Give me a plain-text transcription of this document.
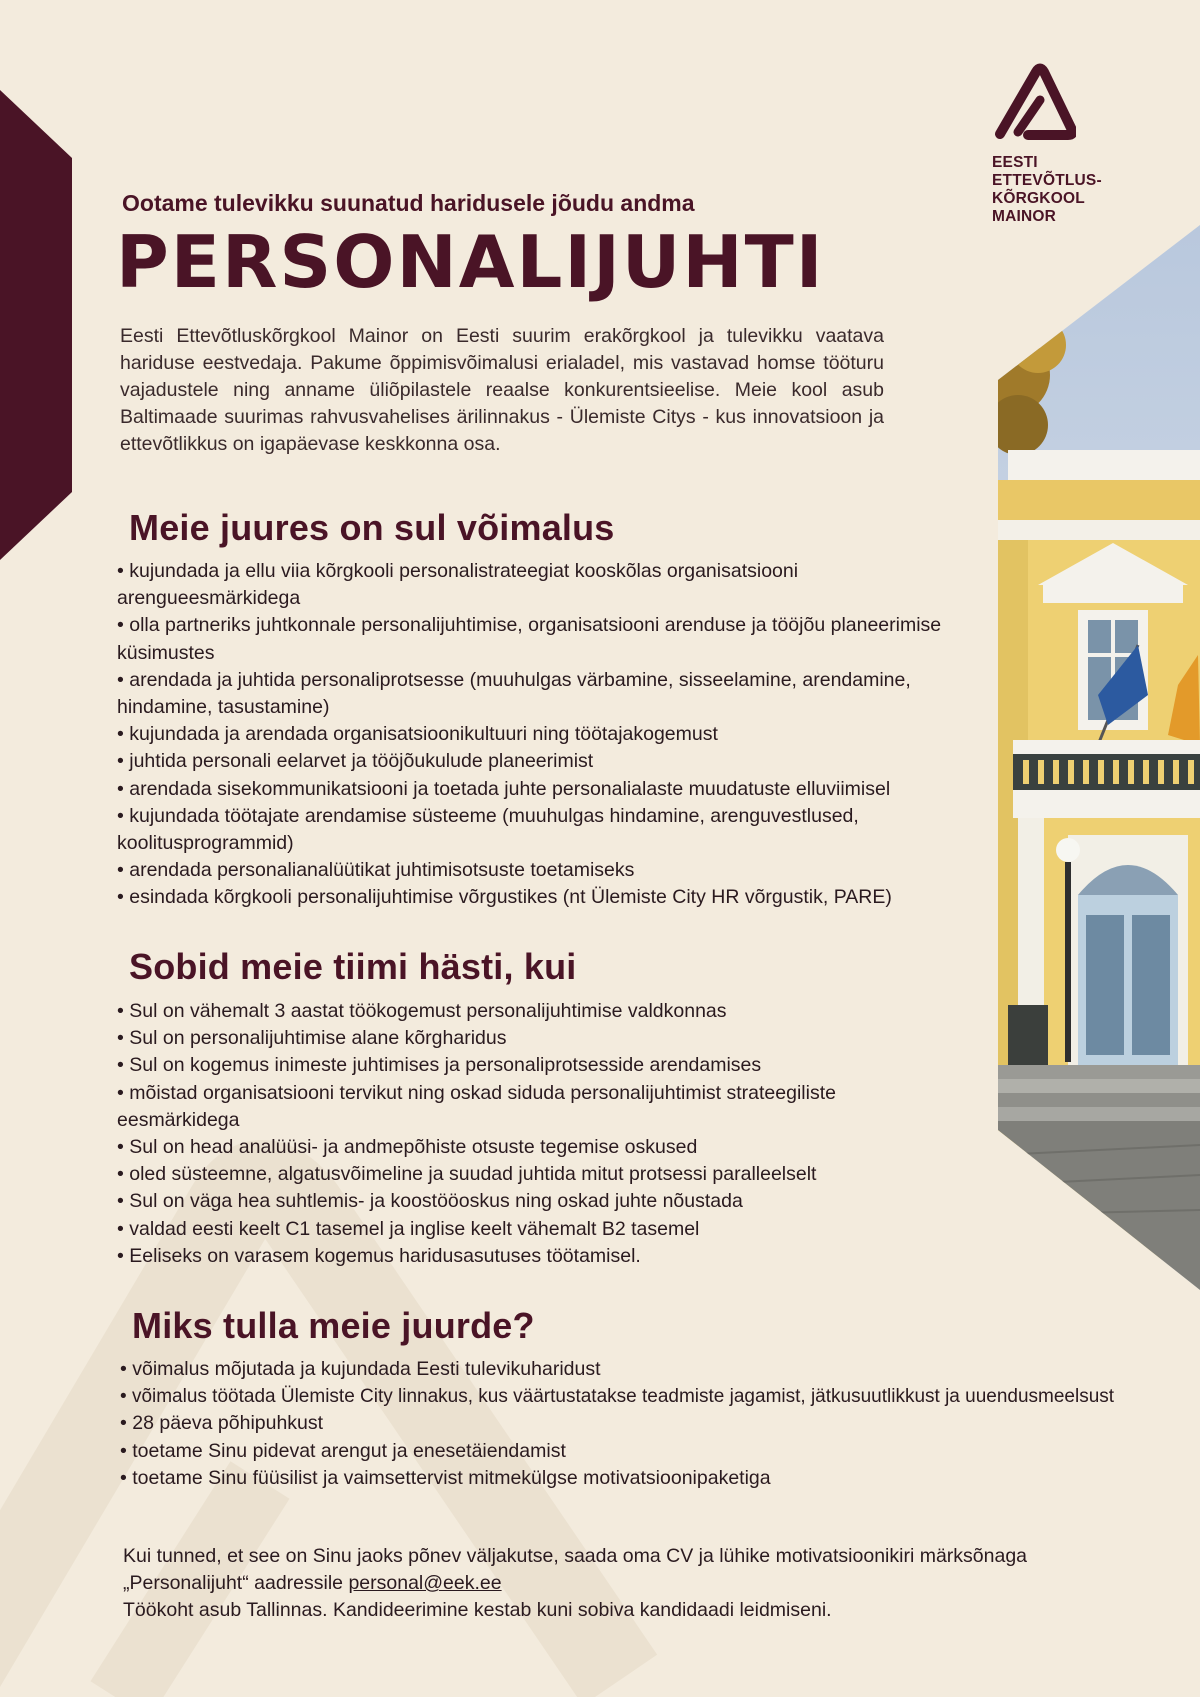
EESTI
ETTEVÕTLUS-
KÕRGKOOL
MAINOR
Ootame tulevikku suunatud haridusele jõudu andma
PERSONALIJUHTI
Eesti Ettevõtluskõrgkool Mainor on Eesti suurim erakõrgkool ja tulevikku vaatava hariduse eestvedaja. Pakume õppimisvõimalusi erialadel, mis vastavad homse tööturu vajadustele ning anname üliõpilastele reaalse konkurentsieelise. Meie kool asub Baltimaade suurimas rahvusvahelises ärilinnakus - Ülemiste Citys - kus innovatsioon ja ettevõtlikkus on igapäevase keskkonna osa.
Meie juures on sul võimalus
• kujundada ja ellu viia kõrgkooli personalistrateegiat kooskõlas organisatsiooni arengueesmärkidega
• olla partneriks juhtkonnale personalijuhtimise, organisatsiooni arenduse ja tööjõu planeerimise küsimustes
• arendada ja juhtida personaliprotsesse (muuhulgas värbamine, sisseelamine, arendamine, hindamine, tasustamine)
• kujundada ja arendada organisatsioonikultuuri ning töötajakogemust
• juhtida personali eelarvet ja tööjõukulude planeerimist
• arendada sisekommunikatsiooni ja toetada juhte personalialaste muudatuste elluviimisel
• kujundada töötajate arendamise süsteeme (muuhulgas hindamine, arenguvestlused, koolitusprogrammid)
• arendada personalianalüütikat juhtimisotsuste toetamiseks
• esindada kõrgkooli personalijuhtimise võrgustikes (nt Ülemiste City HR võrgustik, PARE)
Sobid meie tiimi hästi, kui
• Sul on vähemalt 3 aastat töökogemust personalijuhtimise valdkonnas
• Sul on personalijuhtimise alane kõrgharidus
• Sul on kogemus inimeste juhtimises ja personaliprotsesside arendamises
• mõistad organisatsiooni tervikut ning oskad siduda personalijuhtimist strateegiliste eesmärkidega
• Sul on head analüüsi- ja andmepõhiste otsuste tegemise oskused
• oled süsteemne, algatusvõimeline ja suudad juhtida mitut protsessi paralleelselt
• Sul on väga hea suhtlemis- ja koostööoskus ning oskad juhte nõustada
• valdad eesti keelt C1 tasemel ja inglise keelt vähemalt B2 tasemel
• Eeliseks on varasem kogemus haridusasutuses töötamisel.
Miks tulla meie juurde?
• võimalus mõjutada ja kujundada Eesti tulevikuharidust
• võimalus töötada Ülemiste City linnakus, kus väärtustatakse teadmiste jagamist, jätkusuutlikkust ja uuendusmeelsust
• 28 päeva põhipuhkust
• toetame Sinu pidevat arengut ja enesetäiendamist
• toetame Sinu füüsilist ja vaimsettervist mitmekülgse motivatsioonipaketiga
Kui tunned, et see on Sinu jaoks põnev väljakutse, saada oma CV ja lühike motivatsioonikiri märksõnaga
„Personalijuht“ aadressile personal@eek.ee
Töökoht asub Tallinnas. Kandideerimine kestab kuni sobiva kandidaadi leidmiseni.
